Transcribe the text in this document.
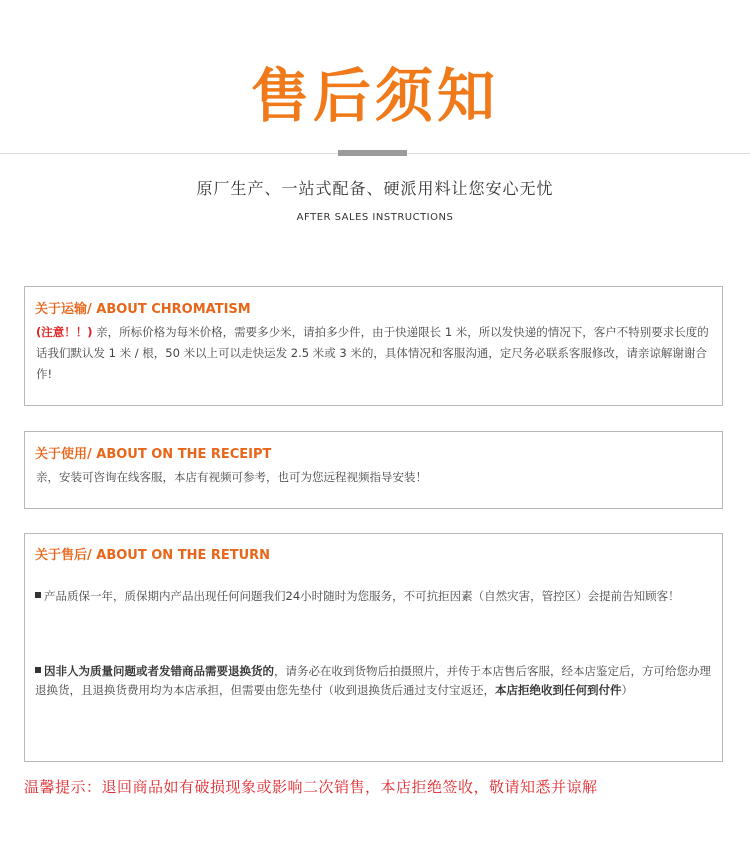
售后须知
原厂生产、一站式配备、硬派用料让您安心无忧
AFTER SALES INSTRUCTIONS
关于运输/ ABOUT CHROMATISM
(注意！！) 亲，所标价格为每米价格，需要多少米，请拍多少件，由于快递限长 1 米，所以发快递的情况下，客户不特别要求长度的话我们默认发 1 米 / 根，50 米以上可以走快运发 2.5 米或 3 米的，具体情况和客服沟通，定尺务必联系客服修改，请亲谅解谢谢合作!
关于使用/ ABOUT ON THE RECEIPT
亲，安装可咨询在线客服，本店有视频可参考，也可为您远程视频指导安装！
关于售后/ ABOUT ON THE RETURN
产品质保一年，质保期内产品出现任何问题我们24小时随时为您服务，不可抗拒因素（自然灾害，管控区）会提前告知顾客！
因非人为质量问题或者发错商品需要退换货的，请务必在收到货物后拍摄照片，并传于本店售后客服，经本店鉴定后，方可给您办理退换货，且退换货费用均为本店承担，但需要由您先垫付（收到退换货后通过支付宝返还，本店拒绝收到任何到付件）
温馨提示：退回商品如有破损现象或影响二次销售，本店拒绝签收，敬请知悉并谅解
